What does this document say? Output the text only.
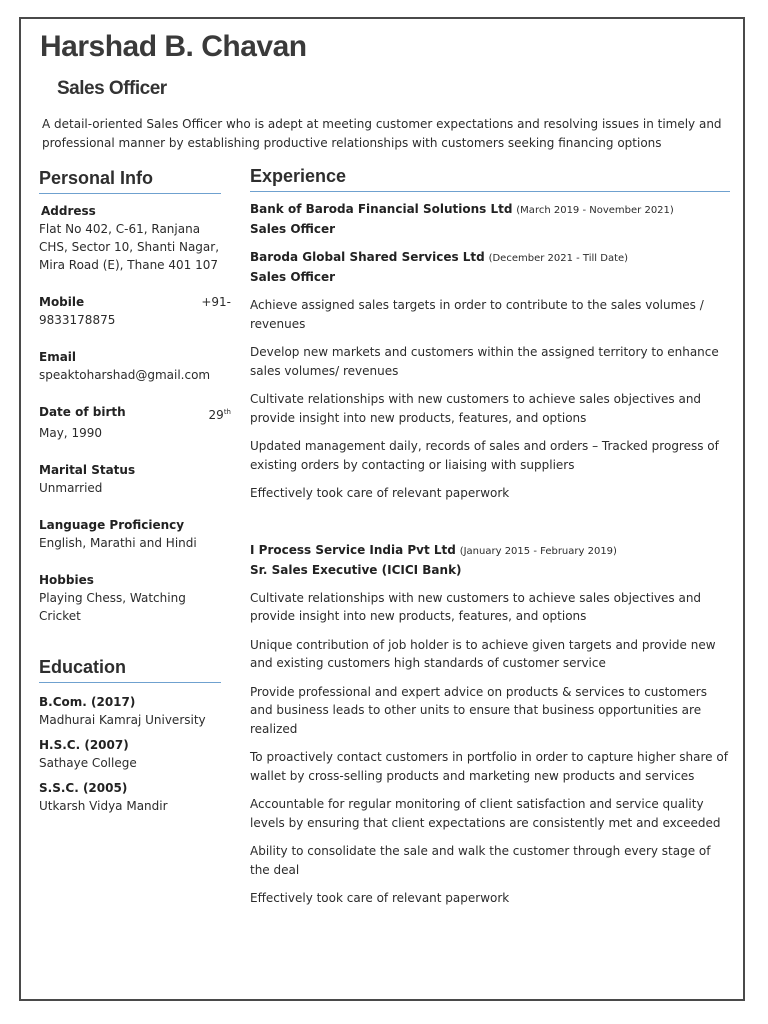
Harshad B. Chavan
Sales Officer

A detail-oriented Sales Officer who is adept at meeting customer expectations and resolving issues in timely and professional manner by establishing productive relationships with customers seeking financing options

Personal Info

Address

Flat No 402, C-61, Ranjana CHS, Sector 10, Shanti Nagar, Mira Road (E), Thane 401 107

Mobile	+91-

9833178875

Email

speaktoharshad@gmail.com

Date of birth	29th

May, 1990

Marital Status

Unmarried

Language Proficiency

English, Marathi and Hindi

Hobbies

Playing Chess, Watching Cricket

Education

B.Com. (2017)

Madhurai Kamraj University

H.S.C. (2007)

Sathaye College

S.S.C. (2005)

Utkarsh Vidya Mandir

Experience

Bank of Baroda Financial Solutions Ltd (March 2019 - November 2021)

Sales Officer

Baroda Global Shared Services Ltd (December 2021 - Till Date)

Sales Officer

Achieve assigned sales targets in order to contribute to the sales volumes / revenues

Develop new markets and customers within the assigned territory to enhance sales volumes/ revenues

Cultivate relationships with new customers to achieve sales objectives and provide insight into new products, features, and options

Updated management daily, records of sales and orders – Tracked progress of existing orders by contacting or liaising with suppliers

Effectively took care of relevant paperwork

I Process Service India Pvt Ltd (January 2015 - February 2019)

Sr. Sales Executive (ICICI Bank)

Cultivate relationships with new customers to achieve sales objectives and provide insight into new products, features, and options

Unique contribution of job holder is to achieve given targets and provide new and existing customers high standards of customer service

Provide professional and expert advice on products & services to customers and business leads to other units to ensure that business opportunities are realized

To proactively contact customers in portfolio in order to capture higher share of wallet by cross-selling products and marketing new products and services

Accountable for regular monitoring of client satisfaction and service quality levels by ensuring that client expectations are consistently met and exceeded

Ability to consolidate the sale and walk the customer through every stage of the deal

Effectively took care of relevant paperwork
